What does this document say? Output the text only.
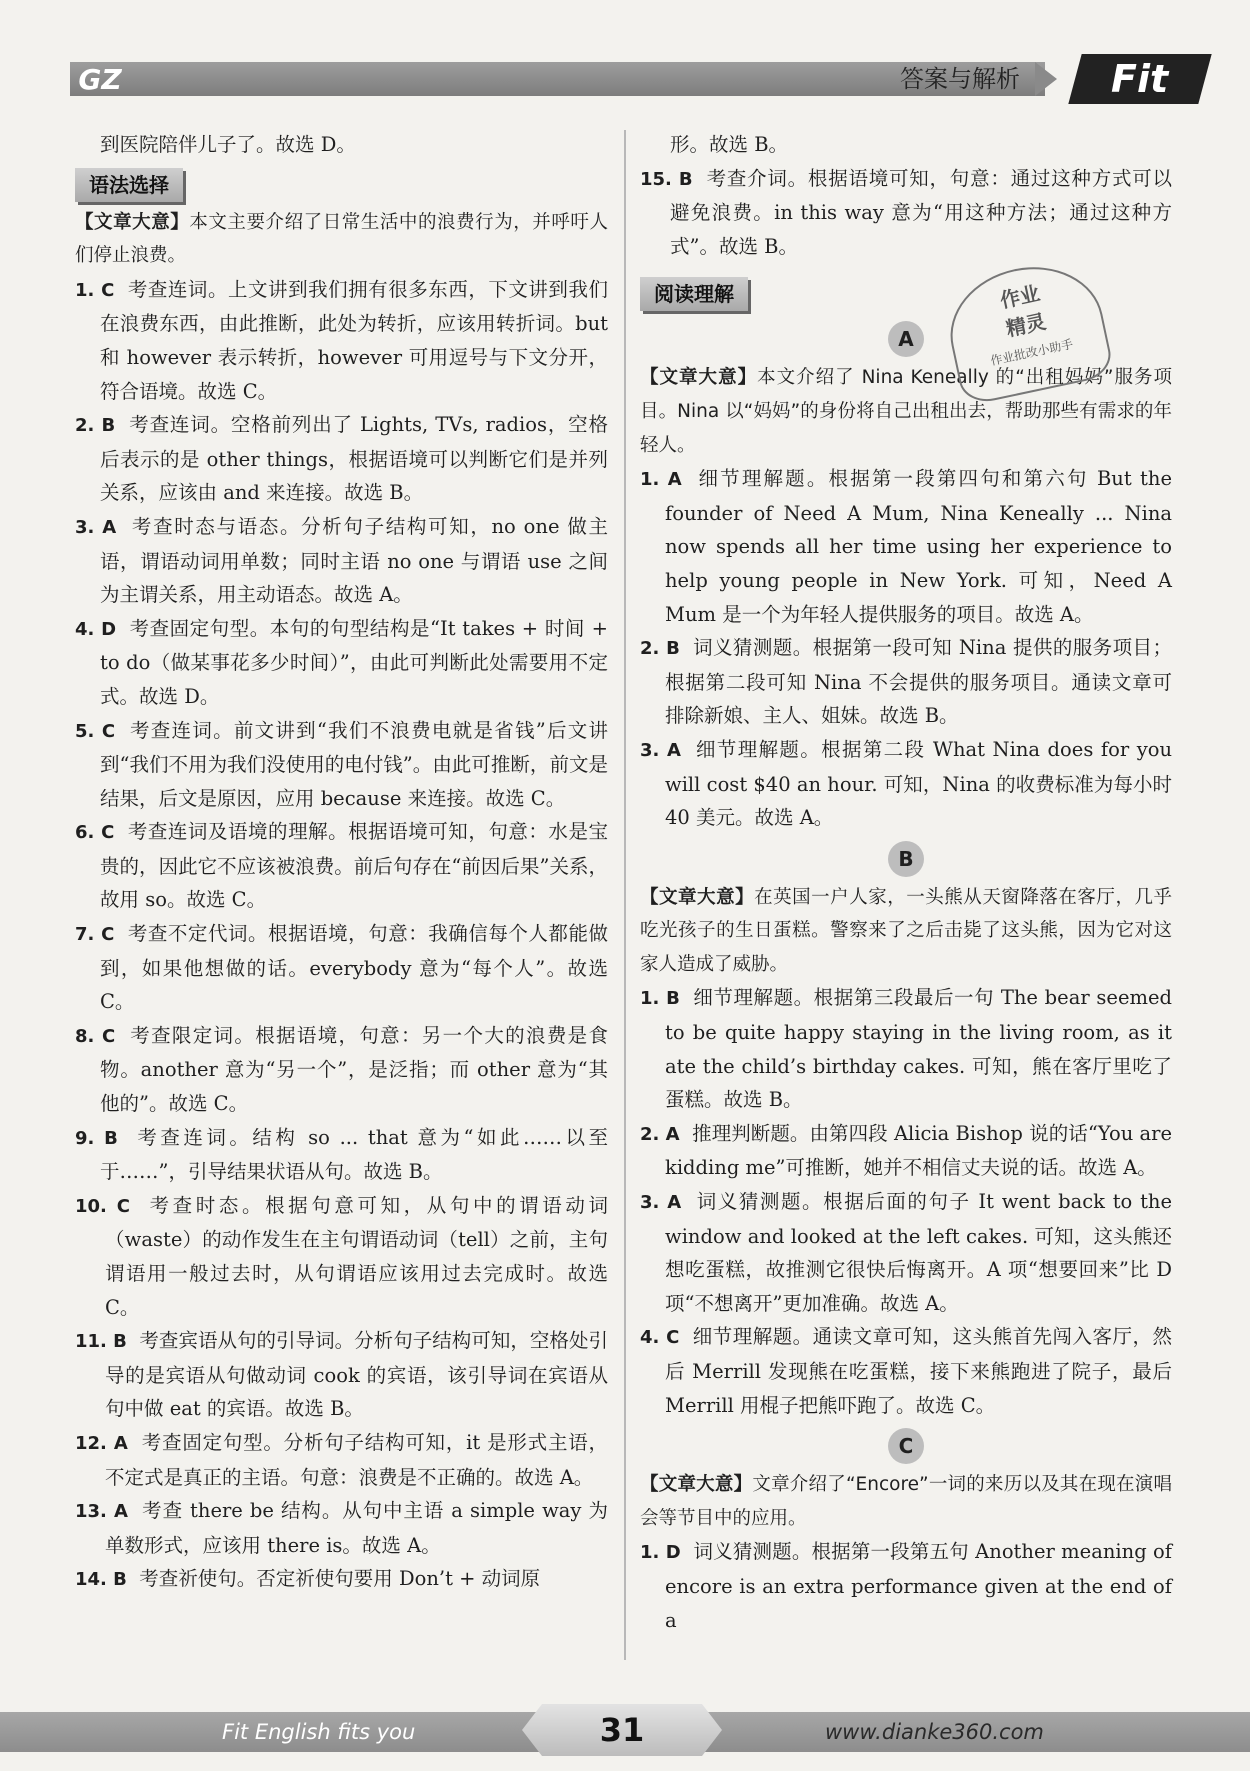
GZ	答案与解析 Fit
到医院陪伴儿子了。故选 D。
语法选择
【文章大意】本文主要介绍了日常生活中的浪费行为，并呼吁人们停止浪费。
1. C 考查连词。上文讲到我们拥有很多东西，下文讲到我们在浪费东西，由此推断，此处为转折，应该用转折词。but 和 however 表示转折，however 可用逗号与下文分开，符合语境。故选 C。
2. B 考查连词。空格前列出了 Lights, TVs, radios，空格后表示的是 other things，根据语境可以判断它们是并列关系，应该由 and 来连接。故选 B。
3. A 考查时态与语态。分析句子结构可知，no one 做主语，谓语动词用单数；同时主语 no one 与谓语 use 之间为主谓关系，用主动语态。故选 A。
4. D 考查固定句型。本句的句型结构是“It takes + 时间 + to do（做某事花多少时间）”，由此可判断此处需要用不定式。故选 D。
5. C 考查连词。前文讲到“我们不浪费电就是省钱”后文讲到“我们不用为我们没使用的电付钱”。由此可推断，前文是结果，后文是原因，应用 because 来连接。故选 C。
6. C 考查连词及语境的理解。根据语境可知，句意：水是宝贵的，因此它不应该被浪费。前后句存在“前因后果”关系，故用 so。故选 C。
7. C 考查不定代词。根据语境，句意：我确信每个人都能做到，如果他想做的话。everybody 意为“每个人”。故选 C。
8. C 考查限定词。根据语境，句意：另一个大的浪费是食物。another 意为“另一个”，是泛指；而 other 意为“其他的”。故选 C。
9. B 考查连词。结构 so ... that 意为“如此……以至于……”，引导结果状语从句。故选 B。
10. C 考查时态。根据句意可知，从句中的谓语动词（waste）的动作发生在主句谓语动词（tell）之前，主句谓语用一般过去时，从句谓语应该用过去完成时。故选 C。
11. B 考查宾语从句的引导词。分析句子结构可知，空格处引导的是宾语从句做动词 cook 的宾语，该引导词在宾语从句中做 eat 的宾语。故选 B。
12. A 考查固定句型。分析句子结构可知，it 是形式主语，不定式是真正的主语。句意：浪费是不正确的。故选 A。
13. A 考查 there be 结构。从句中主语 a simple way 为单数形式，应该用 there is。故选 A。
14. B 考查祈使句。否定祈使句要用 Don’t + 动词原
形。故选 B。
15. B 考查介词。根据语境可知，句意：通过这种方式可以避免浪费。in this way 意为“用这种方法；通过这种方式”。故选 B。
阅读理解
A
【文章大意】本文介绍了 Nina Keneally 的“出租妈妈”服务项目。Nina 以“妈妈”的身份将自己出租出去，帮助那些有需求的年轻人。
1. A 细节理解题。根据第一段第四句和第六句 But the founder of Need A Mum, Nina Keneally ... Nina now spends all her time using her experience to help young people in New York. 可知，Need A Mum 是一个为年轻人提供服务的项目。故选 A。
2. B 词义猜测题。根据第一段可知 Nina 提供的服务项目；根据第二段可知 Nina 不会提供的服务项目。通读文章可排除新娘、主人、姐妹。故选 B。
3. A 细节理解题。根据第二段 What Nina does for you will cost $40 an hour. 可知，Nina 的收费标准为每小时 40 美元。故选 A。
B
【文章大意】在英国一户人家，一头熊从天窗降落在客厅，几乎吃光孩子的生日蛋糕。警察来了之后击毙了这头熊，因为它对这家人造成了威胁。
1. B 细节理解题。根据第三段最后一句 The bear seemed to be quite happy staying in the living room, as it ate the child’s birthday cakes. 可知，熊在客厅里吃了蛋糕。故选 B。
2. A 推理判断题。由第四段 Alicia Bishop 说的话“You are kidding me”可推断，她并不相信丈夫说的话。故选 A。
3. A 词义猜测题。根据后面的句子 It went back to the window and looked at the left cakes. 可知，这头熊还想吃蛋糕，故推测它很快后悔离开。A 项“想要回来”比 D 项“不想离开”更加准确。故选 A。
4. C 细节理解题。通读文章可知，这头熊首先闯入客厅，然后 Merrill 发现熊在吃蛋糕，接下来熊跑进了院子，最后 Merrill 用棍子把熊吓跑了。故选 C。
C
【文章大意】文章介绍了“Encore”一词的来历以及其在现在演唱会等节目中的应用。
1. D 词义猜测题。根据第一段第五句 Another meaning of encore is an extra performance given at the end of a
作业
精灵
作业批改小助手
Fit English fits you	31	www.dianke360.com
